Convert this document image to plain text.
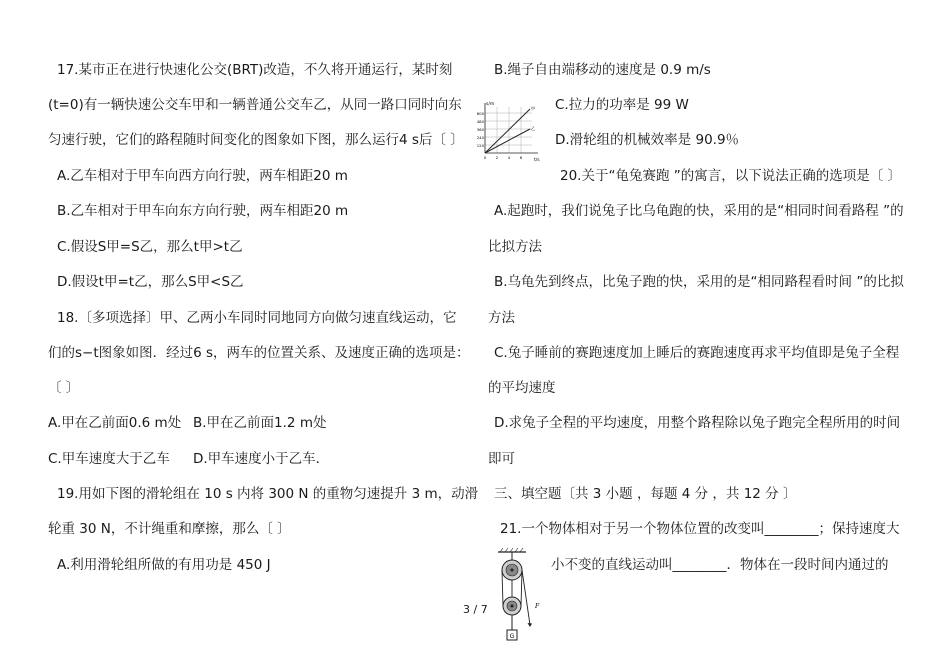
17.某市正在进行快速化公交(BRT)改造，不久将开通运行，某时刻
(t=0)有一辆快速公交车甲和一辆普通公交车乙，从同一路口同时向东
匀速行驶，它们的路程随时间变化的图象如下图，那么运行4 s后〔 〕
A.乙车相对于甲车向西方向行驶，两车相距20 m
B.乙车相对于甲车向东方向行驶，两车相距20 m
C.假设S甲=S乙，那么t甲>t乙
D.假设t甲=t乙，那么S甲<S乙
18.〔多项选择〕甲、乙两小车同时同地同方向做匀速直线运动，它
们的s−t图象如图．经过6 s，两车的位置关系、及速度正确的选项是：
〔 〕
A.甲在乙前面0.6 m处 B.甲在乙前面1.2 m处
C.甲车速度大于乙车 D.甲车速度小于乙车．
19.用如下图的滑轮组在 10 s 内将 300 N 的重物匀速提升 3 m，动滑
轮重 30 N，不计绳重和摩擦，那么〔 〕
A.利用滑轮组所做的有用功是 450 J
B.绳子自由端移动的速度是 0.9 m/s
C.拉力的功率是 99 W
D.滑轮组的机械效率是 90.9％
20.关于“龟兔赛跑 ”的寓言，以下说法正确的选项是〔 〕
A.起跑时，我们说兔子比乌龟跑的快，采用的是“相同时间看路程 ”的
比拟方法
B.乌龟先到终点，比兔子跑的快，采用的是“相同路程看时间 ”的比拟
方法
C.兔子睡前的赛跑速度加上睡后的赛跑速度再求平均值即是兔子全程
的平均速度
D.求兔子全程的平均速度，用整个路程除以兔子跑完全程所用的时间
即可
三、填空题〔共 3 小题 ，每题 4 分 ，共 12 分 〕
21.一个物体相对于另一个物体位置的改变叫________；保持速度大
小不变的直线运动叫________．物体在一段时间内通过的
s/m
t/s
600
480
360
240
120
0	2	4	6
甲
乙
F
G
3 / 7
